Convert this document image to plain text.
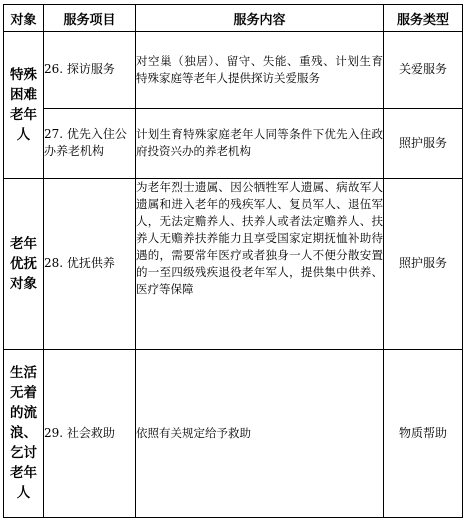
对象	服务项目	服务内容	服务类型
特殊困难老年人	26. 探访服务	对空巢（独居）、留守、失能、重残、计划生育特殊家庭等老年人提供探访关爱服务	关爱服务
	27. 优先入住公办养老机构	计划生育特殊家庭老年人同等条件下优先入住政府投资兴办的养老机构	照护服务
老年优抚对象	28. 优抚供养	为老年烈士遗属、因公牺牲军人遗属、病故军人遗属和进入老年的残疾军人、复员军人、退伍军人，无法定赡养人、扶养人或者法定赡养人、扶养人无赡养扶养能力且享受国家定期抚恤补助待遇的，需要常年医疗或者独身一人不便分散安置的一至四级残疾退役老年军人，提供集中供养、医疗等保障	照护服务
生活无着的流浪、乞讨老年人	29. 社会救助	依照有关规定给予救助	物质帮助
